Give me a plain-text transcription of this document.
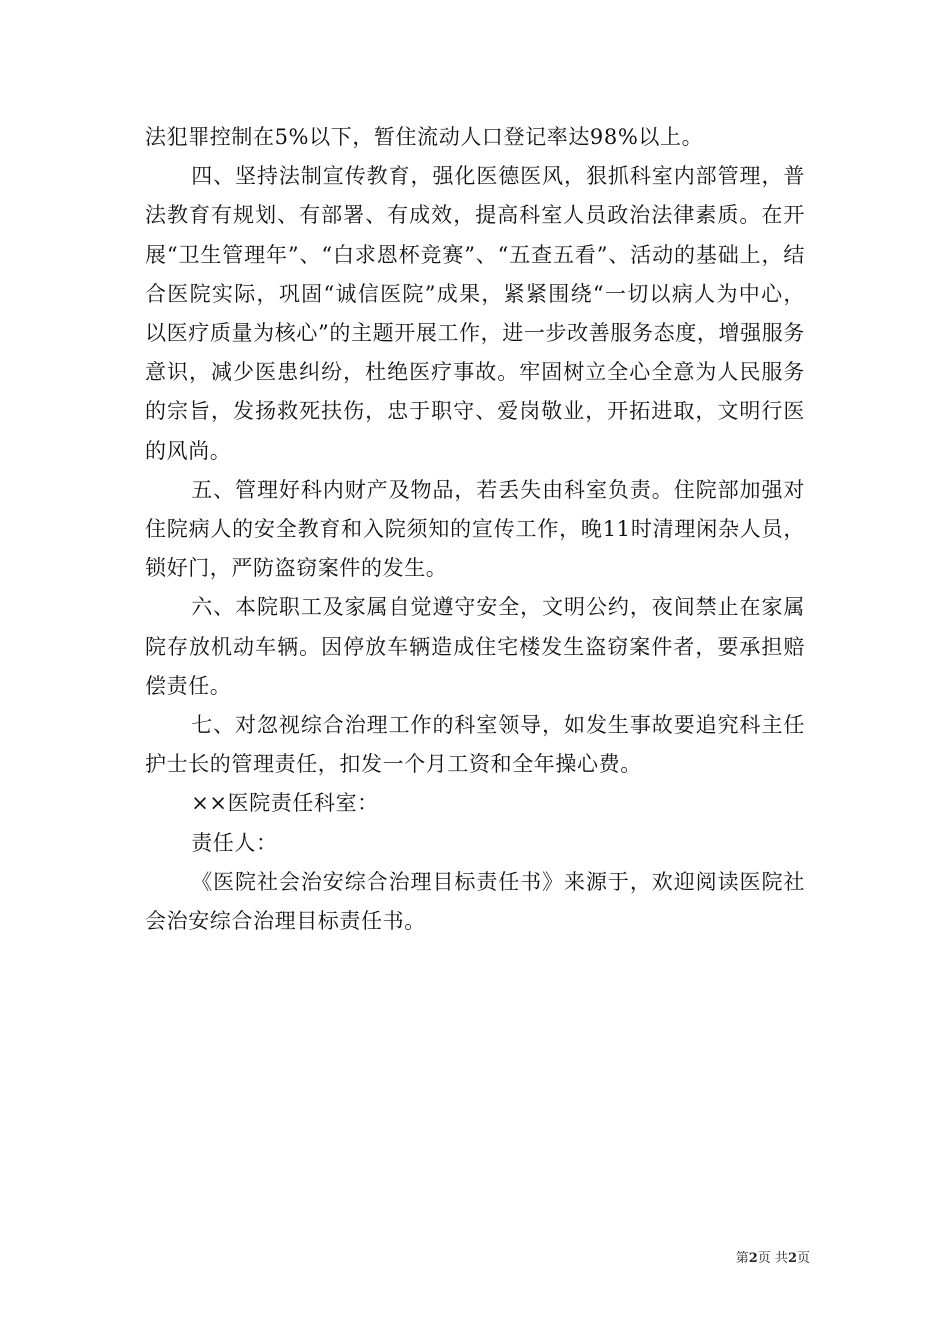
法犯罪控制在5%以下，暂住流动人口登记率达98%以上。

四、坚持法制宣传教育，强化医德医风，狠抓科室内部管理，普法教育有规划、有部署、有成效，提高科室人员政治法律素质。在开展“卫生管理年”、“白求恩杯竞赛”、“五查五看”、活动的基础上，结合医院实际，巩固“诚信医院”成果，紧紧围绕“一切以病人为中心，以医疗质量为核心”的主题开展工作，进一步改善服务态度，增强服务意识，减少医患纠纷，杜绝医疗事故。牢固树立全心全意为人民服务的宗旨，发扬救死扶伤，忠于职守、爱岗敬业，开拓进取，文明行医的风尚。

五、管理好科内财产及物品，若丢失由科室负责。住院部加强对住院病人的安全教育和入院须知的宣传工作，晚11时清理闲杂人员，锁好门，严防盗窃案件的发生。

六、本院职工及家属自觉遵守安全，文明公约，夜间禁止在家属院存放机动车辆。因停放车辆造成住宅楼发生盗窃案件者，要承担赔偿责任。

七、对忽视综合治理工作的科室领导，如发生事故要追究科主任护士长的管理责任，扣发一个月工资和全年操心费。

××医院责任科室：

责任人：

《医院社会治安综合治理目标责任书》来源于，欢迎阅读医院社会治安综合治理目标责任书。

第2页 共2页
